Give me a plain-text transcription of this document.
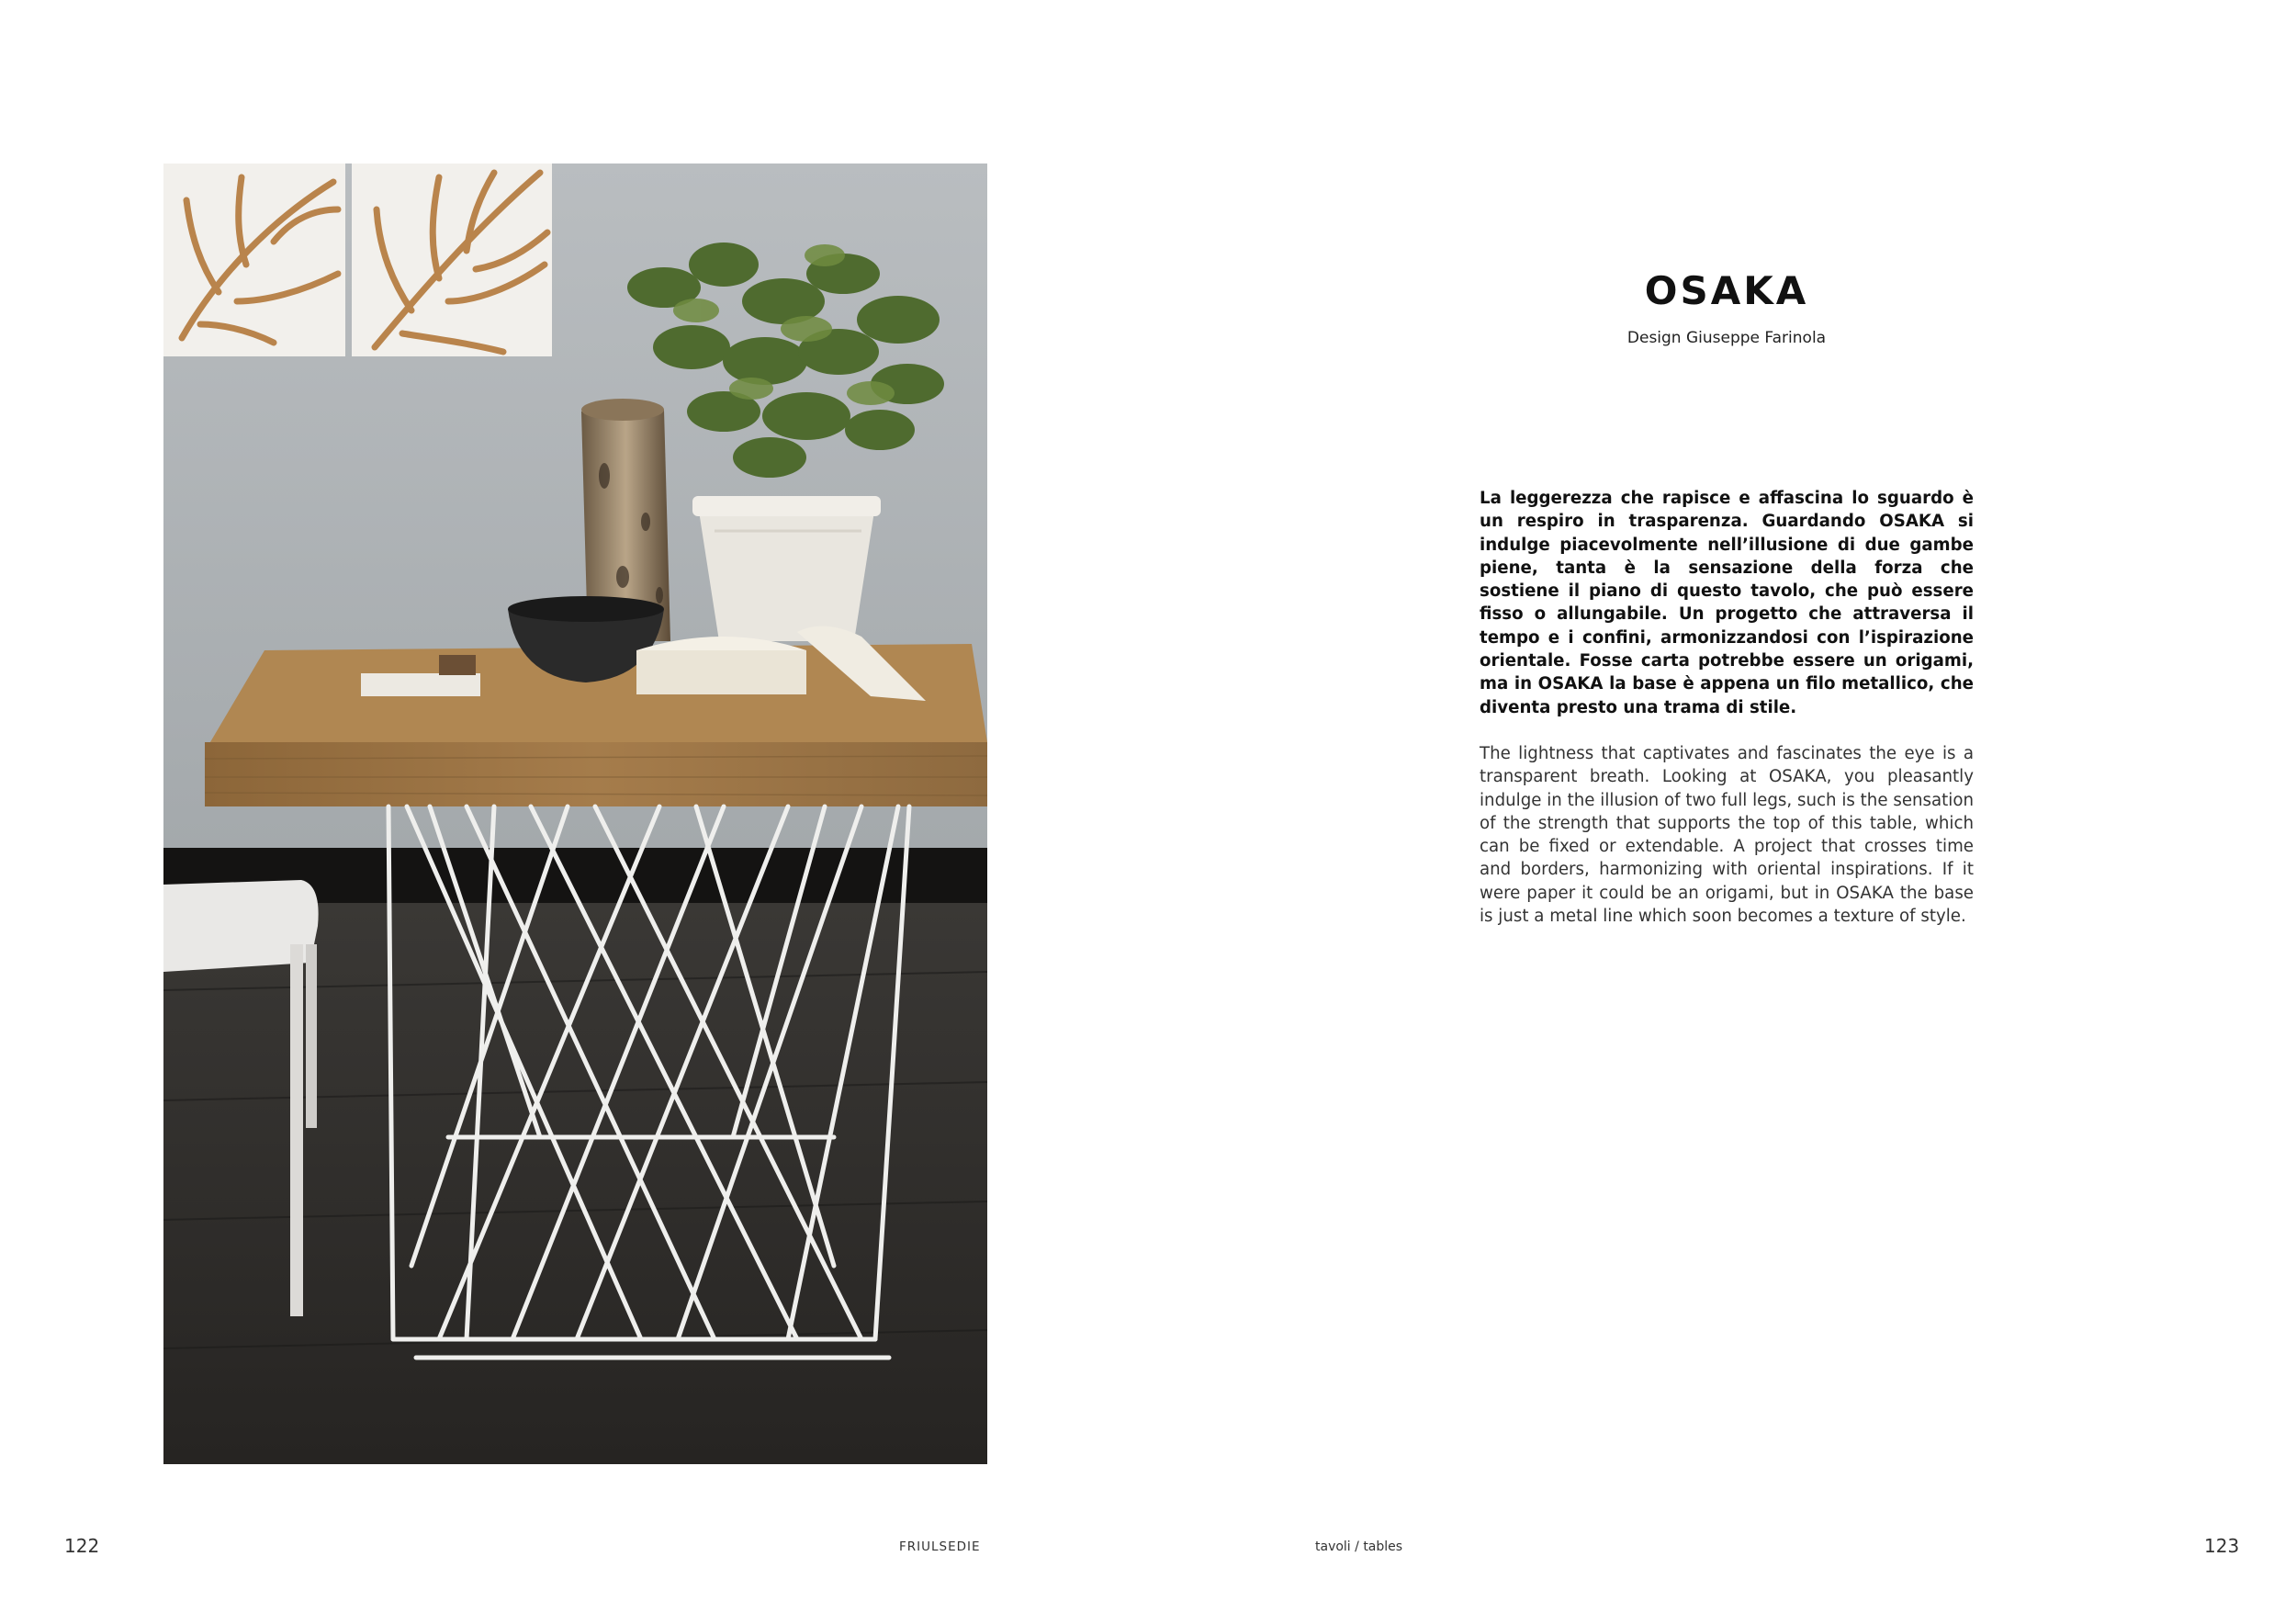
OSAKA
Design Giuseppe Farinola

La leggerezza che rapisce e affascina lo sguardo è un respiro in trasparenza. Guardando OSAKA si indulge piacevolmente nell’illusione di due gambe piene, tanta è la sensazione della forza che sostiene il piano di questo tavolo, che può essere fisso o allungabile. Un progetto che attraversa il tempo e i confini, armonizzandosi con l’ispirazione orientale. Fosse carta potrebbe essere un origami, ma in OSAKA la base è appena un filo metallico, che diventa presto una trama di stile.

The lightness that captivates and fascinates the eye is a transparent breath. Looking at OSAKA, you pleasantly indulge in the illusion of two full legs, such is the sensation of the strength that supports the top of this table, which can be fixed or extendable. A project that crosses time and borders, harmonizing with oriental inspirations. If it were paper it could be an origami, but in OSAKA the base is just a metal line which soon becomes a texture of style.

122	FRIULSEDIE	tavoli / tables	123
